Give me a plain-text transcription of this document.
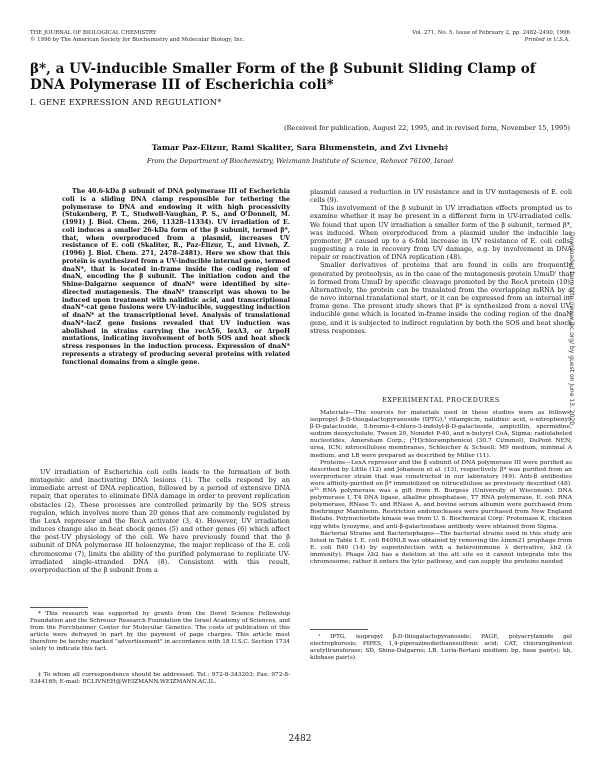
THE JOURNAL OF BIOLOGICAL CHEMISTRY
© 1996 by The American Society for Biochemistry and Molecular Biology, Inc.
Vol. 271, No. 5, Issue of February 2, pp. 2482–2490, 1996
Printed in U.S.A.
β*, a UV-inducible Smaller Form of the β Subunit Sliding Clamp of
DNA Polymerase III of Escherichia coli*
I. GENE EXPRESSION AND REGULATION*
(Received for publication, August 22, 1995, and in revised form, November 15, 1995)
Tamar Paz-Elizur, Rami Skaliter, Sara Blumenstein, and Zvi Livneh‡
From the Department of Biochemistry, Weizmann Institute of Science, Rehovot 76100, Israel
The 40.6-kDa β subunit of DNA polymerase III of Escherichia coli is a sliding DNA clamp responsible for tethering the polymerase to DNA and endowing it with high processivity (Stukenberg, P. T., Studwell-Vaughan, P. S., and O'Donnell, M. (1991) J. Biol. Chem. 266, 11328–11334). UV irradiation of E. coli induces a smaller 26-kDa form of the β subunit, termed β*, that, when overproduced from a plasmid, increases UV resistance of E. coli (Skaliter, R., Paz-Elizur, T., and Livneh, Z. (1996) J. Biol. Chem. 271, 2478–2481). Here we show that this protein is synthesized from a UV-inducible internal gene, termed dnaN*, that is located in-frame inside the coding region of dnaN, encoding the β subunit. The initiation codon and the Shine-Dalgarno sequence of dnaN* were identified by site-directed mutagenesis. The dnaN* transcript was shown to be induced upon treatment with nalidixic acid, and transcriptional dnaN*-cat gene fusions were UV-inducible, suggesting induction of dnaN* at the transcriptional level. Analysis of translational dnaN*-lacZ gene fusions revealed that UV induction was abolished in strains carrying the recA56, lexA3, or ΔrpoH mutations, indicating involvement of both SOS and heat shock stress responses in the induction process. Expression of dnaN* represents a strategy of producing several proteins with related functional domains from a single gene.
UV irradiation of Escherichia coli cells leads to the formation of both mutagenic and inactivating DNA lesions (1). The cells respond by an immediate arrest of DNA replication, followed by a period of extensive DNA repair, that operates to eliminate DNA damage in order to prevent replication obstacles (2). These processes are controlled primarily by the SOS stress regulon, which involves more than 20 genes that are commonly regulated by the LexA repressor and the RecA activator (3, 4). However, UV irradiation induces change also in heat shock genes (5) and other genes (6) which affect the post-UV physiology of the cell. We have previously found that the β subunit of DNA polymerase III holoenzyme, the major replicase of the E. coli chromosome (7), limits the ability of the purified polymerase to replicate UV-irradiated single-stranded DNA (8). Consistent with this result, overproduction of the β subunit from a
* This research was supported by grants from the Dorot Science Fellowship Foundation and the Schreuer Research Foundation the Israel Academy of Sciences, and from the Forchheimer Center for Molecular Genetics. The costs of publication of this article were defrayed in part by the payment of page charges. This article must therefore be hereby marked "advertisement" in accordance with 18 U.S.C. Section 1734 solely to indicate this fact.
‡ To whom all correspondence should be addressed. Tel.: 972-8-343203; Fax: 972-8-9344169; E-mail: BCLIVNEH@WEIZMANN.WEIZMANN.AC.IL.

plasmid caused a reduction in UV resistance and in UV mutagenesis of E. coli cells (9).

This involvement of the β subunit in UV irradiation effects prompted us to examine whether it may be present in a different form in UV-irradiated cells. We found that upon UV irradiation a smaller form of the β subunit, termed β*, was induced. When overproduced from a plasmid under the inducible lac promoter, β* caused up to a 6-fold increase in UV resistance of E. coli cells, suggesting a role in recovery from UV damage, e.g. by involvement in DNA repair or reactivation of DNA replication (48).

Smaller derivatives of proteins that are found in cells are frequently generated by proteolysis, as in the case of the mutagenesis protein UmuD' that is formed from UmuD by specific cleavage promoted by the RecA protein (10). Alternatively, the protein can be translated from the overlapping mRNA by a de novo internal translational start, or it can be expressed from an internal in-frame gene. The present study shows that β* is synthesized from a novel UV-inducible gene which is located in-frame inside the coding region of the dnaN gene, and it is subjected to indirect regulation by both the SOS and heat shock stress responses.

EXPERIMENTAL PROCEDURES

Materials—The sources for materials used in these studies were as follows: isopropyl β-D-thiogalactopyranoside (IPTG),¹ rifampicin, nalidixic acid, o-nitrophenyl-β-D-galactoside, 5-bromo-4-chloro-3-indolyl-β-D-galactoside, ampicillin, spermidine, sodium deoxycholate, Tween 20, Nonidet P-40, and n-butyryl CoA, Sigma; radiolabeled nucleotides, Amersham Corp.; [³H]chloramphenicol (30.7 Ci/mmol), DuPont NEN; urea, ICN; nitrocellulose membranes, Schleicher & Schuell; M9 medium, minimal A medium, and LB were prepared as described by Miller (11).

Proteins—LexA repressor and the β subunit of DNA polymerase III were purified as described by Little (12) and Johanson et al. (13), respectively. β* was purified from an overproducer strain that was constructed in our laboratory (49). Anti-β antibodies were affinity-purified on β* immobilized on nitrocellulose as previously described (48). σ³² RNA polymerase was a gift from R. Burgess (University of Wisconsin). DNA polymerase I, T4 DNA ligase, alkaline phosphatase, T7 RNA polymerase, E. coli RNA polymerase, RNase T₁ and RNase A, and bovine serum albumin were purchased from Boehringer Mannheim. Restriction endonucleases were purchased from New England Biolabs. Polynucleotide kinase was from U. S. Biochemical Corp. Proteinase K, chicken egg white lysozyme, and anti-β-galactosidase antibody were obtained from Sigma.

Bacterial Strains and Bacteriophages—The bacterial strains used in this study are listed in Table I. E. coli R40NL8 was obtained by removing the λimm21 prophage from E. coli R40 (14) by superinfection with a heteroimmune λ derivative, λb2 (λ immunity). Phage λb2 has a deletion at the att site so it cannot integrate into the chromosome; rather it enters the lytic pathway, and can supply the proteins needed

¹ IPTG, isopropyl β-D-thiogalactopyranoside; PAGE, polyacrylamide gel electrophoresis; PIPES, 1,4-piperazinediethanesulfonic acid; CAT, chloramphenicol acetyltransferase; SD, Shine-Dalgarno; LB, Luria-Bertani medium; bp, base pair(s); kb, kilobase pair(s).
Downloaded from http://www.jbc.org/ by guest on June 13, 2020
2482
